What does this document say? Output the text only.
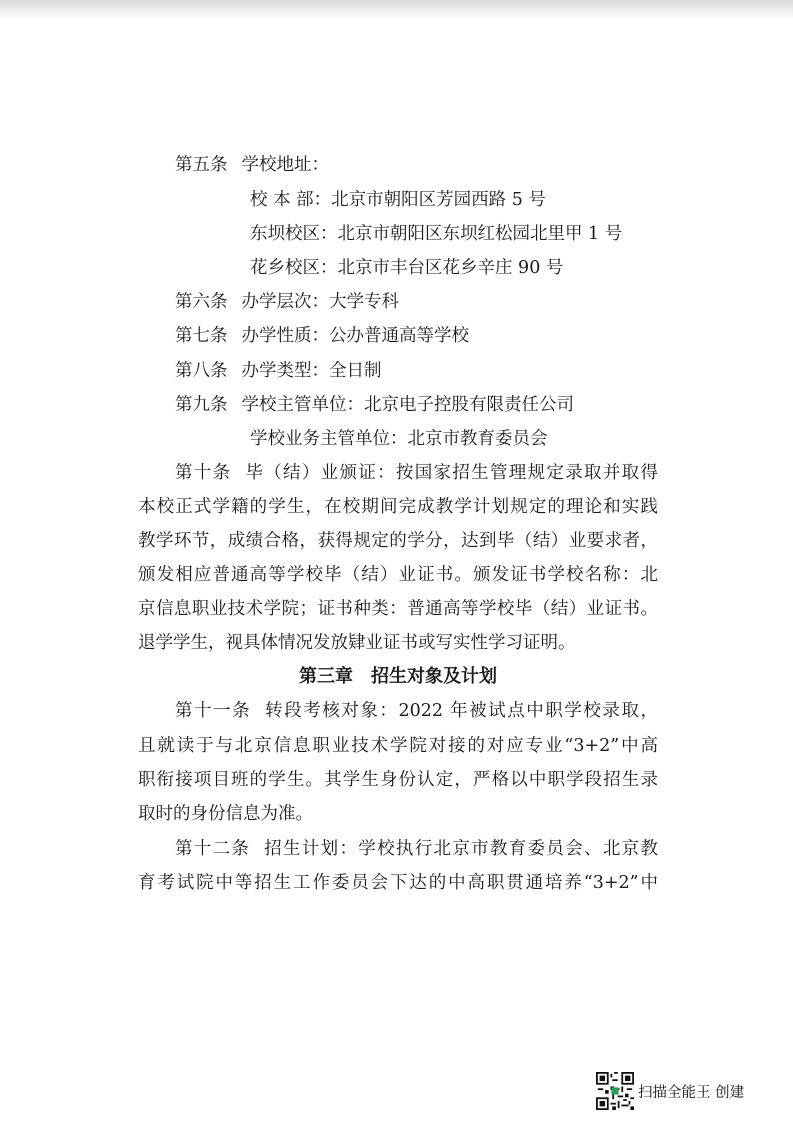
第五条 学校地址：
校 本 部：北京市朝阳区芳园西路 5 号
东坝校区：北京市朝阳区东坝红松园北里甲 1 号
花乡校区：北京市丰台区花乡辛庄 90 号
第六条 办学层次：大学专科
第七条 办学性质：公办普通高等学校
第八条 办学类型：全日制
第九条 学校主管单位：北京电子控股有限责任公司
学校业务主管单位：北京市教育委员会
第十条 毕（结）业颁证：按国家招生管理规定录取并取得
本校正式学籍的学生，在校期间完成教学计划规定的理论和实践
教学环节，成绩合格，获得规定的学分，达到毕（结）业要求者，
颁发相应普通高等学校毕（结）业证书。颁发证书学校名称：北
京信息职业技术学院；证书种类：普通高等学校毕（结）业证书。
退学学生，视具体情况发放肄业证书或写实性学习证明。
第三章　招生对象及计划
第十一条 转段考核对象：2022 年被试点中职学校录取，
且就读于与北京信息职业技术学院对接的对应专业“3+2”中高
职衔接项目班的学生。其学生身份认定，严格以中职学段招生录
取时的身份信息为准。
第十二条 招生计划：学校执行北京市教育委员会、北京教
育考试院中等招生工作委员会下达的中高职贯通培养“3+2”中
扫描全能王 创建
